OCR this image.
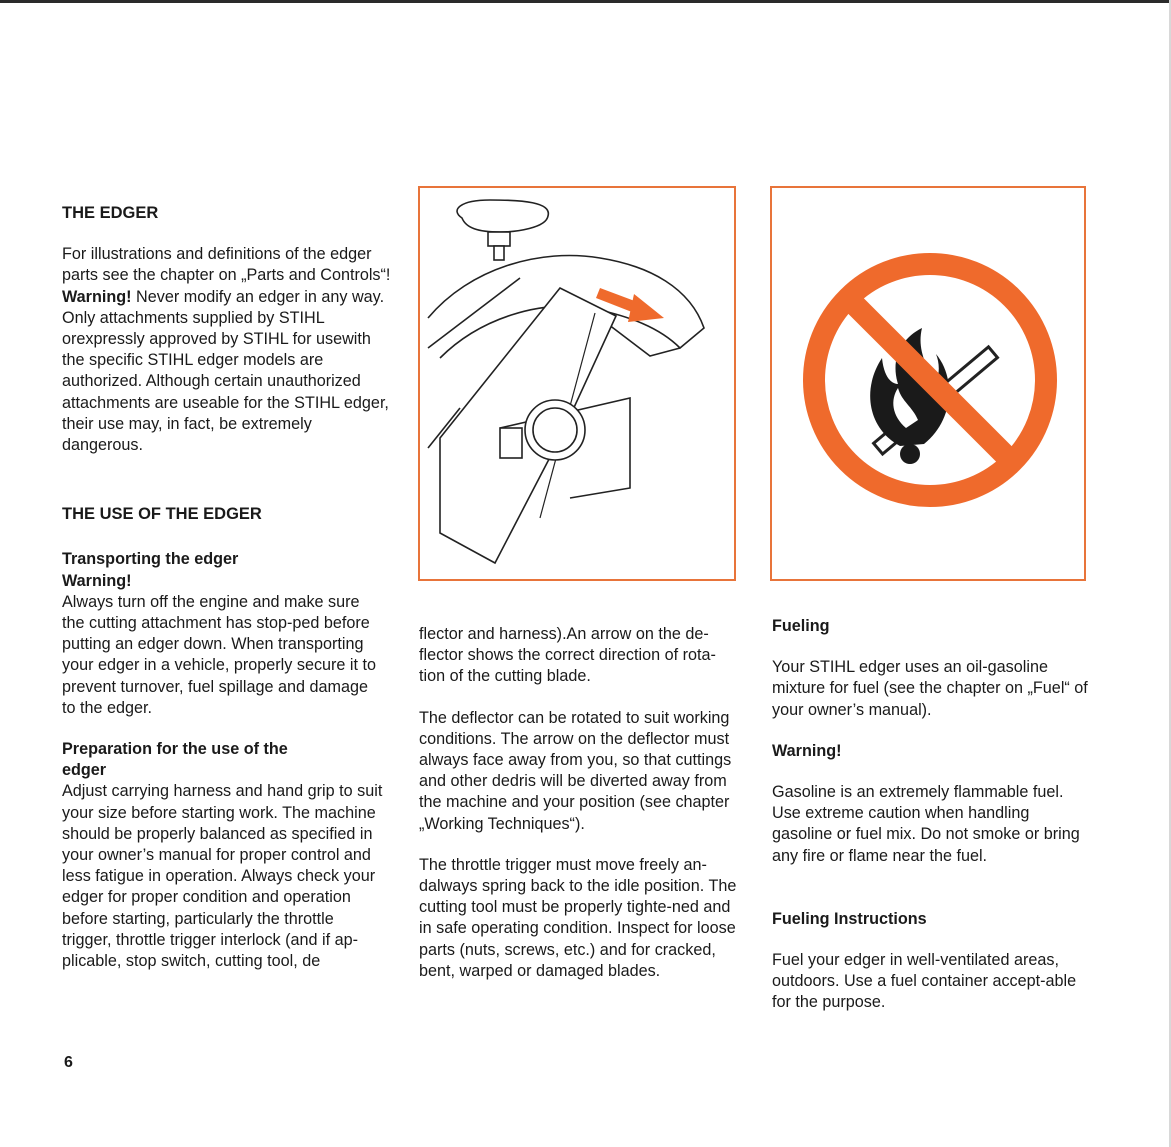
THE EDGER

For illustrations and definitions of the edger parts see the chapter on „Parts and Controls“!
Warning! Never modify an edger in any way. Only attachments supplied by STIHL orexpressly approved by STIHL for usewith the specific STIHL edger models are authorized. Although certain unauthorized attachments are useable for the STIHL edger, their use may, in fact, be extremely dangerous.

THE USE OF THE EDGER

Transporting the edger

Warning!

Always turn off the engine and make sure the cutting attachment has stop-ped before putting an edger down. When transporting your edger in a vehicle, properly secure it to prevent turnover, fuel spillage and damage to the edger.

Preparation for the use of the edger

Adjust carrying harness and hand grip to suit your size before starting work. The machine should be properly balanced as specified in your owner’s manual for proper control and less fatigue in operation. Always check your edger for proper condition and operation before starting, particularly the throttle trigger, throttle trigger interlock (and if ap-plicable, stop switch, cutting tool, de

flector and harness).An arrow on the de-flector shows the correct direction of rota-tion of the cutting blade.

The deflector can be rotated to suit working conditions. The arrow on the deflector must always face away from you, so that cuttings and other dedris will be diverted away from the machine and your position (see chapter „Working Techniques“).

The throttle trigger must move freely an-dalways spring back to the idle position. The cutting tool must be properly tighte-ned and in safe operating condition. Inspect for loose parts (nuts, screws, etc.) and for cracked, bent, warped or damaged blades.

Fueling

Your STIHL edger uses an oil-gasoline mixture for fuel (see the chapter on „Fuel“ of your owner’s manual).

Warning!

Gasoline is an extremely flammable fuel. Use extreme caution when handling gasoline or fuel mix. Do not smoke or bring any fire or flame near the fuel.

Fueling Instructions

Fuel your edger in well-ventilated areas, outdoors. Use a fuel container accept-able for the purpose.

6
